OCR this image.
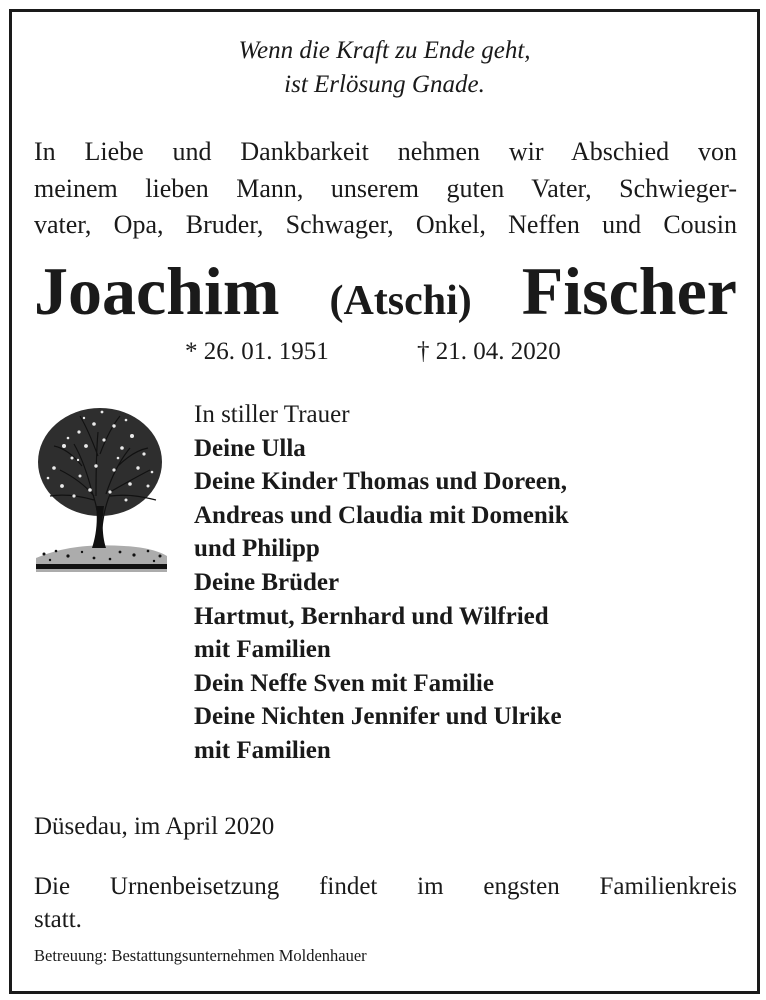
Wenn die Kraft zu Ende geht,
ist Erlösung Gnade.
In Liebe und Dankbarkeit nehmen wir Abschied von
meinem lieben Mann, unserem guten Vater, Schwieger-
vater, Opa, Bruder, Schwager, Onkel, Neffen und Cousin
Joachim (Atschi) Fischer
* 26. 01. 1951	† 21. 04. 2020
In stiller Trauer
Deine Ulla
Deine Kinder Thomas und Doreen,
Andreas und Claudia mit Domenik
und Philipp
Deine Brüder
Hartmut, Bernhard und Wilfried
mit Familien
Dein Neffe Sven mit Familie
Deine Nichten Jennifer und Ulrike
mit Familien
Düsedau, im April 2020
Die Urnenbeisetzung findet im engsten Familienkreis
statt.
Betreuung: Bestattungsunternehmen Moldenhauer
